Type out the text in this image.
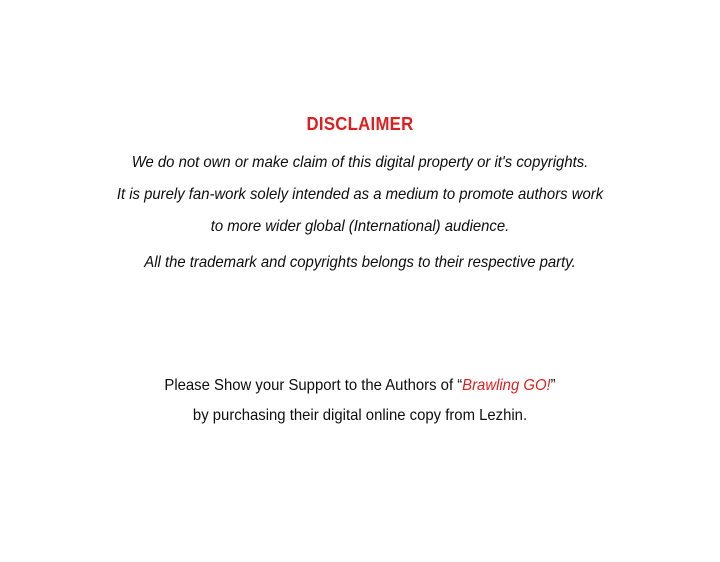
DISCLAIMER
We do not own or make claim of this digital property or it's copyrights.
It is purely fan-work solely intended as a medium to promote authors work
to more wider global (International) audience.
All the trademark and copyrights belongs to their respective party.
Please Show your Support to the Authors of “Brawling GO!”
by purchasing their digital online copy from Lezhin.
